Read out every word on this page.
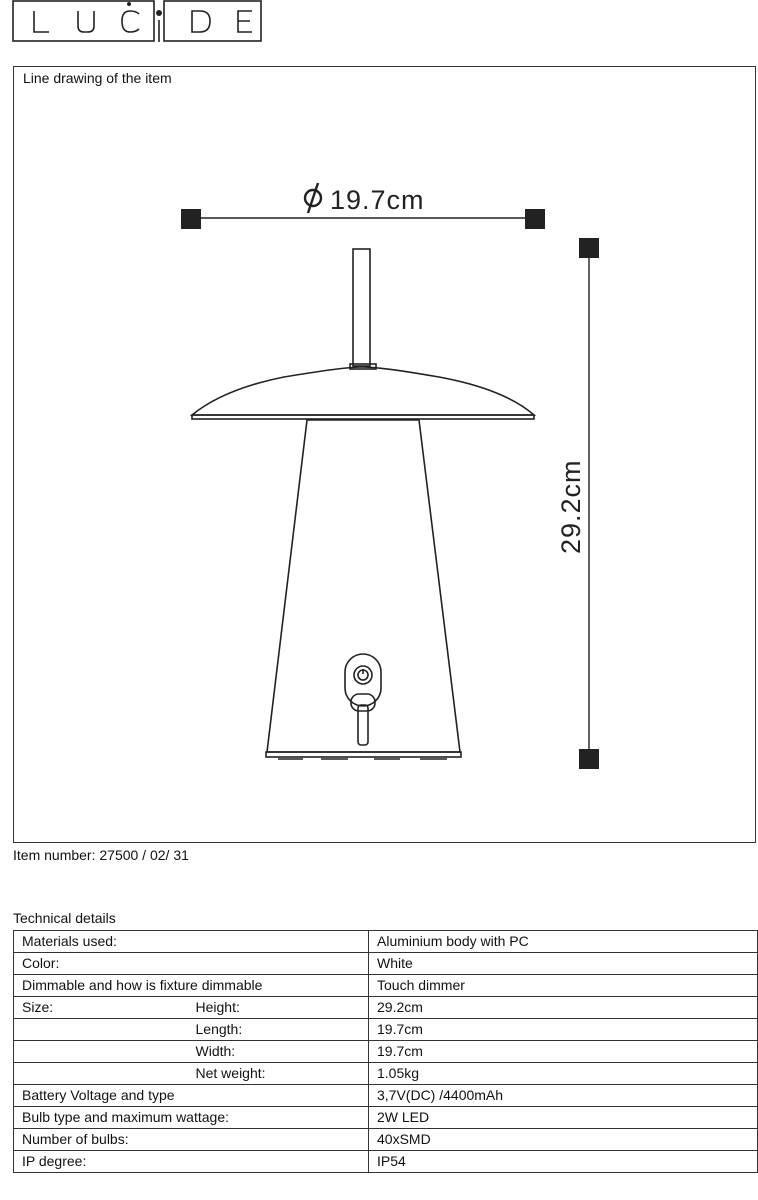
Line drawing of the item
19.7cm
29.2cm
Item number: 27500 / 02/ 31
Technical details
Materials used:		Aluminium body with PC
Color:		White
Dimmable and how is fixture dimmable		Touch dimmer
Size:	Height:	29.2cm
	Length:	19.7cm
	Width:	19.7cm
	Net weight:	1.05kg
Battery Voltage and type		3,7V(DC) /4400mAh
Bulb type and maximum wattage:		2W LED
Number of bulbs:		40xSMD
IP degree:		IP54
